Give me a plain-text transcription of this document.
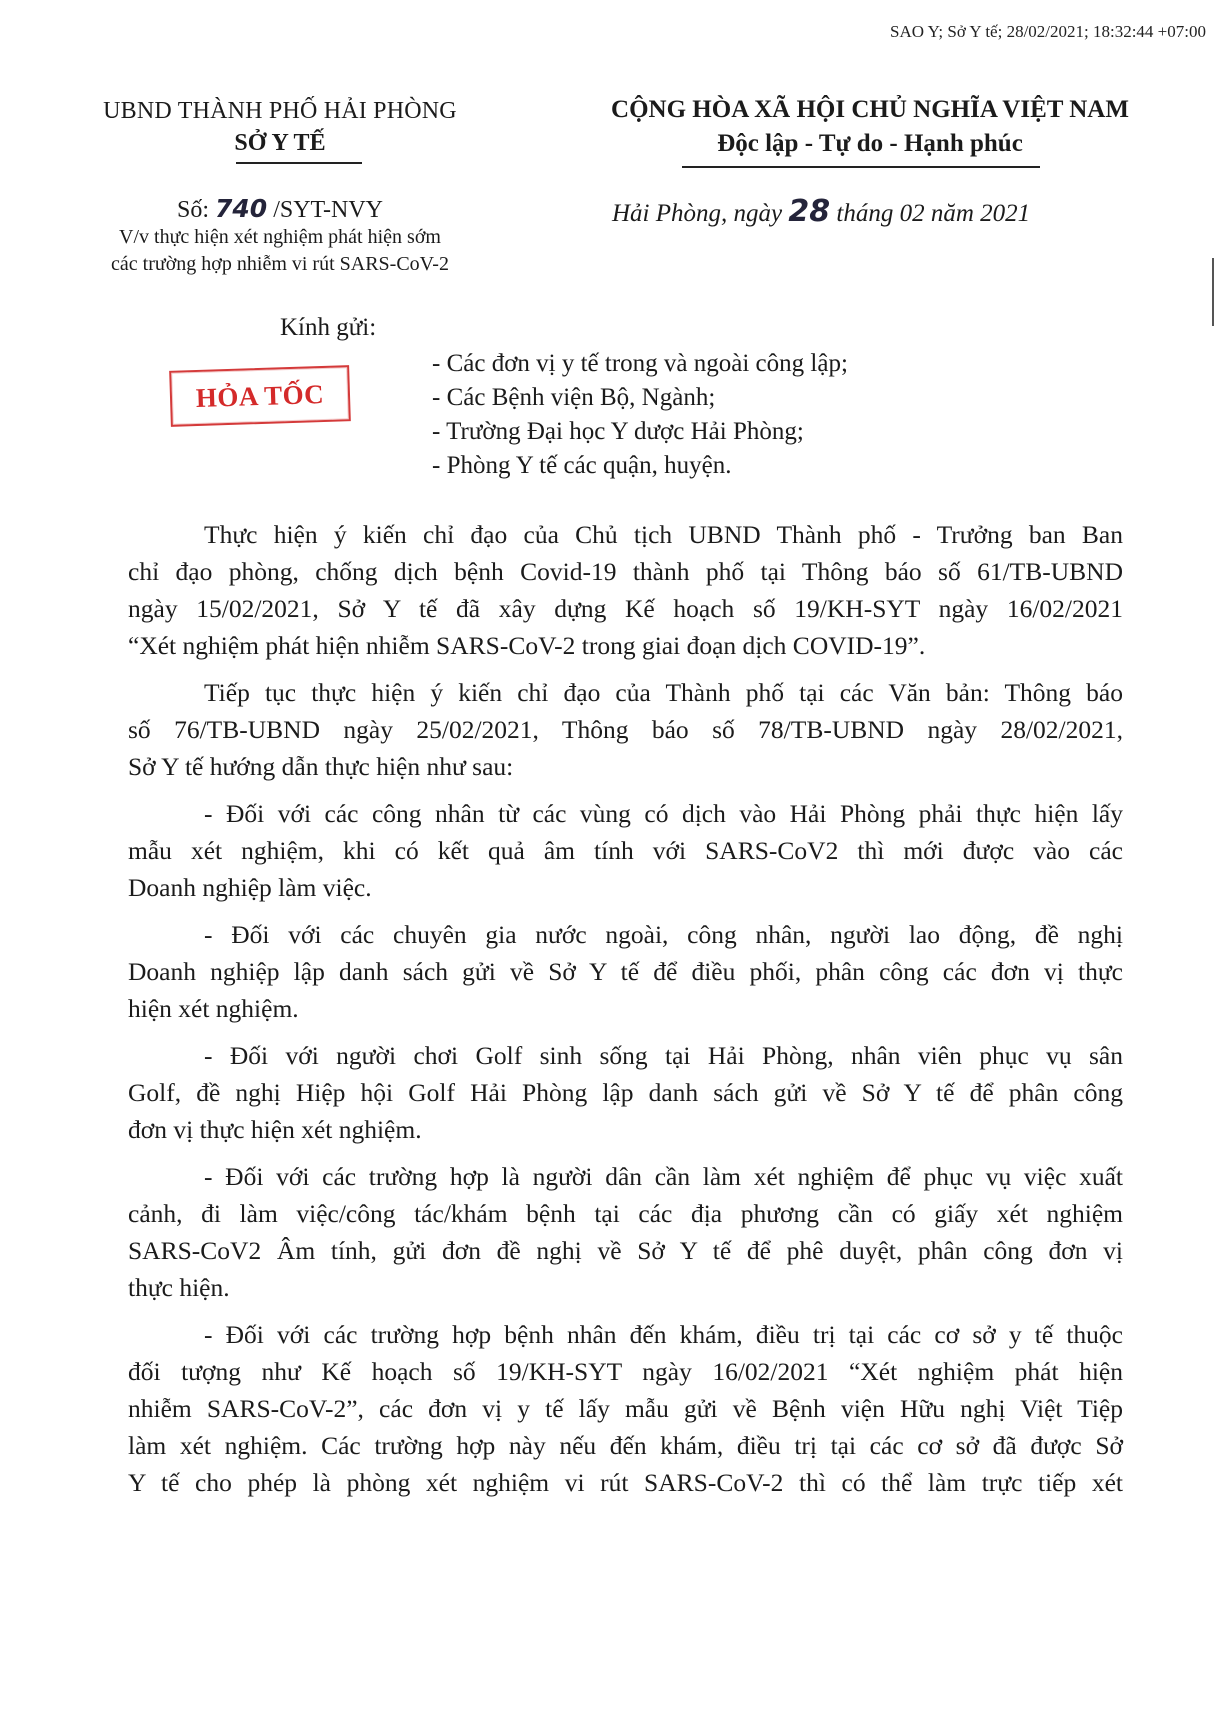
SAO Y; Sở Y tế; 28/02/2021; 18:32:44 +07:00
UBND THÀNH PHỐ HẢI PHÒNG
SỞ Y TẾ
CỘNG HÒA XÃ HỘI CHỦ NGHĨA VIỆT NAM
Độc lập - Tự do - Hạnh phúc
Số: 740 /SYT-NVY
V/v thực hiện xét nghiệm phát hiện sớm
các trường hợp nhiễm vi rút SARS-CoV-2
Hải Phòng, ngày 28 tháng 02 năm 2021
Kính gửi:
- Các đơn vị y tế trong và ngoài công lập;
- Các Bệnh viện Bộ, Ngành;
- Trường Đại học Y dược Hải Phòng;
- Phòng Y tế các quận, huyện.
HỎA TỐC
Thực hiện ý kiến chỉ đạo của Chủ tịch UBND Thành phố - Trưởng ban Ban
chỉ đạo phòng, chống dịch bệnh Covid-19 thành phố tại Thông báo số 61/TB-UBND
ngày 15/02/2021, Sở Y tế đã xây dựng Kế hoạch số 19/KH-SYT ngày 16/02/2021
“Xét nghiệm phát hiện nhiễm SARS-CoV-2 trong giai đoạn dịch COVID-19”.
Tiếp tục thực hiện ý kiến chỉ đạo của Thành phố tại các Văn bản: Thông báo
số 76/TB-UBND ngày 25/02/2021, Thông báo số 78/TB-UBND ngày 28/02/2021,
Sở Y tế hướng dẫn thực hiện như sau:
- Đối với các công nhân từ các vùng có dịch vào Hải Phòng phải thực hiện lấy
mẫu xét nghiệm, khi có kết quả âm tính với SARS-CoV2 thì mới được vào các
Doanh nghiệp làm việc.
- Đối với các chuyên gia nước ngoài, công nhân, người lao động, đề nghị
Doanh nghiệp lập danh sách gửi về Sở Y tế để điều phối, phân công các đơn vị thực
hiện xét nghiệm.
- Đối với người chơi Golf sinh sống tại Hải Phòng, nhân viên phục vụ sân
Golf, đề nghị Hiệp hội Golf Hải Phòng lập danh sách gửi về Sở Y tế để phân công
đơn vị thực hiện xét nghiệm.
- Đối với các trường hợp là người dân cần làm xét nghiệm để phục vụ việc xuất
cảnh, đi làm việc/công tác/khám bệnh tại các địa phương cần có giấy xét nghiệm
SARS-CoV2 Âm tính, gửi đơn đề nghị về Sở Y tế để phê duyệt, phân công đơn vị
thực hiện.
- Đối với các trường hợp bệnh nhân đến khám, điều trị tại các cơ sở y tế thuộc
đối tượng như Kế hoạch số 19/KH-SYT ngày 16/02/2021 “Xét nghiệm phát hiện
nhiễm SARS-CoV-2”, các đơn vị y tế lấy mẫu gửi về Bệnh viện Hữu nghị Việt Tiệp
làm xét nghiệm. Các trường hợp này nếu đến khám, điều trị tại các cơ sở đã được Sở
Y tế cho phép là phòng xét nghiệm vi rút SARS-CoV-2 thì có thể làm trực tiếp xét
